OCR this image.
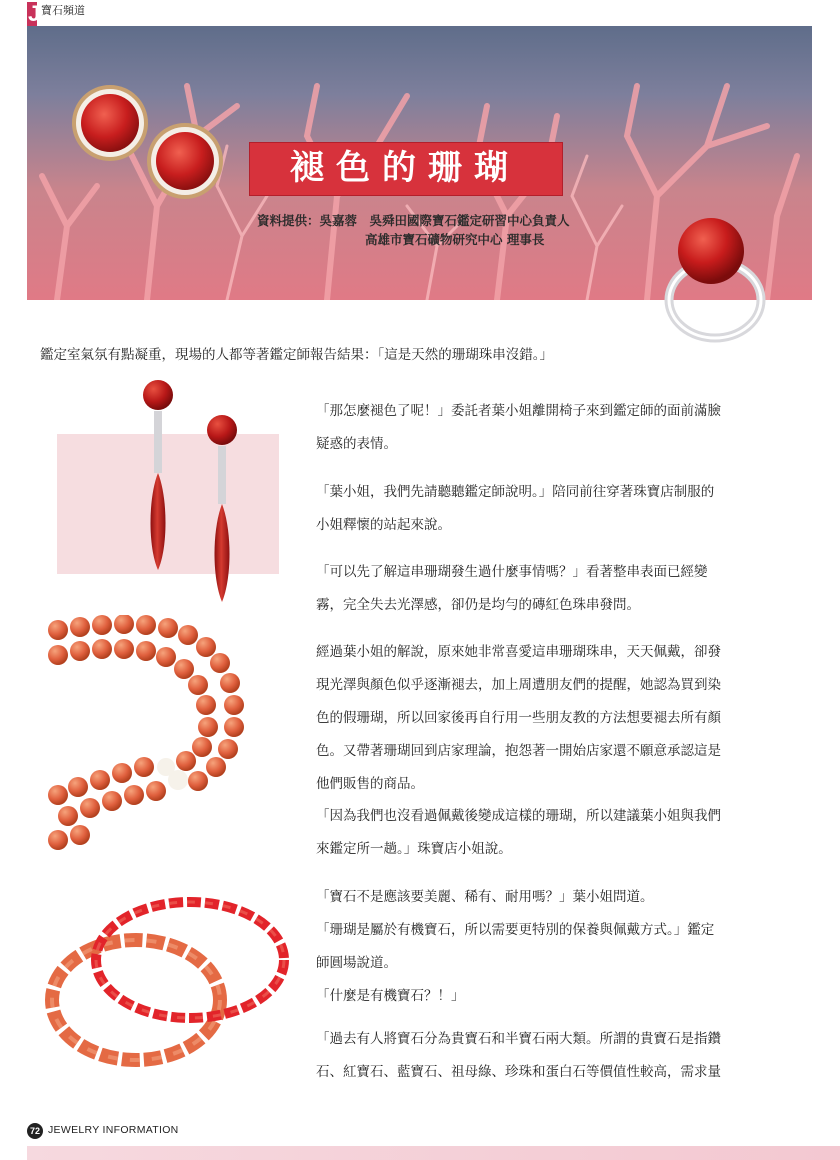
J 寶石頻道
褪色的珊瑚
資料提供：吳嘉蓉　吳舜田國際寶石鑑定研習中心負責人
高雄市寶石礦物研究中心 理事長
鑑定室氣氛有點凝重，現場的人都等著鑑定師報告結果：「這是天然的珊瑚珠串沒錯。」

「那怎麼褪色了呢！」委託者葉小姐離開椅子來到鑑定師的面前滿臉

疑惑的表情。

「葉小姐，我們先請聽聽鑑定師說明。」陪同前往穿著珠寶店制服的

小姐釋懷的站起來說。

「可以先了解這串珊瑚發生過什麼事情嗎？」看著整串表面已經變

霧，完全失去光澤感，卻仍是均勻的磚紅色珠串發問。

經過葉小姐的解說，原來她非常喜愛這串珊瑚珠串，天天佩戴，卻發

現光澤與顏色似乎逐漸褪去，加上周遭朋友們的提醒，她認為買到染

色的假珊瑚，所以回家後再自行用一些朋友教的方法想要褪去所有顏

色。又帶著珊瑚回到店家理論，抱怨著一開始店家還不願意承認這是

他們販售的商品。

「因為我們也沒看過佩戴後變成這樣的珊瑚，所以建議葉小姐與我們

來鑑定所一趟。」珠寶店小姐說。

「寶石不是應該要美麗、稀有、耐用嗎？」葉小姐問道。

「珊瑚是屬於有機寶石，所以需要更特別的保養與佩戴方式。」鑑定

師圓場說道。

「什麼是有機寶石？！」

「過去有人將寶石分為貴寶石和半寶石兩大類。所謂的貴寶石是指鑽

石、紅寶石、藍寶石、祖母綠、珍珠和蛋白石等價值性較高，需求量

72 JEWELRY INFORMATION
